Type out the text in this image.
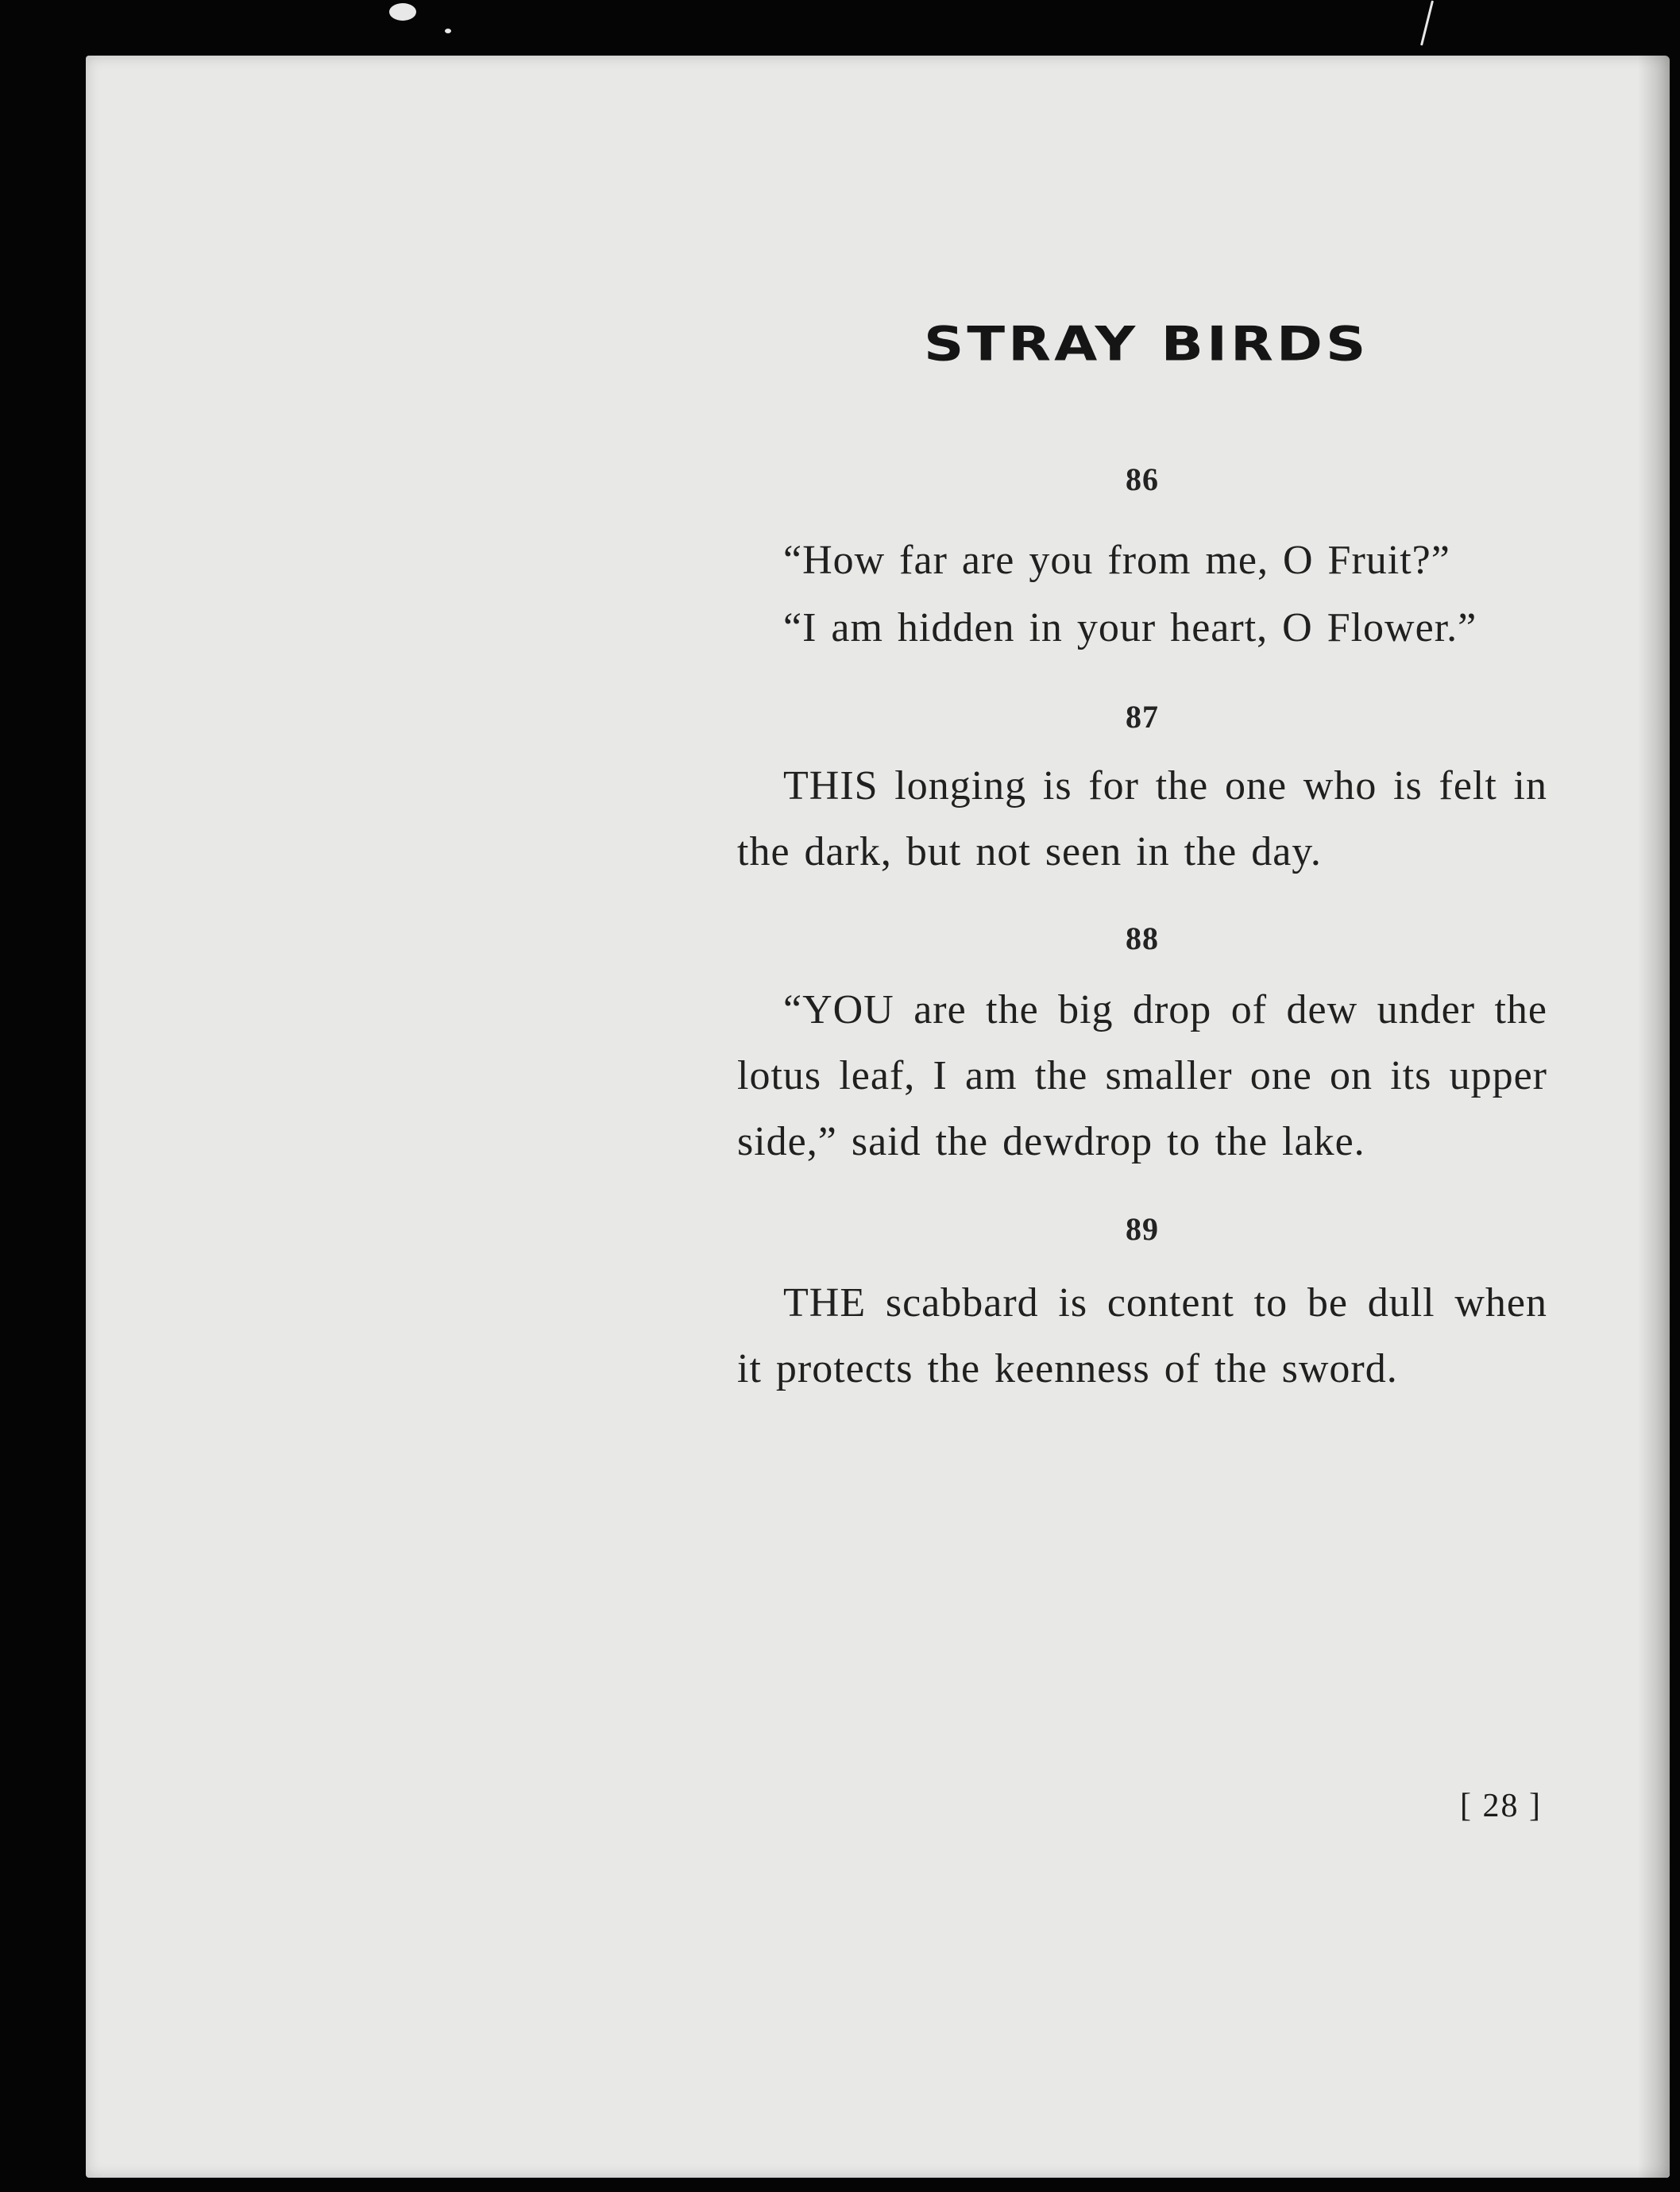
STRAY BIRDS

86

“How far are you from me, O Fruit?”

“I am hidden in your heart, O Flower.”

87

THIS longing is for the one who is felt in the dark, but not seen in the day.

88

“YOU are the big drop of dew under the lotus leaf, I am the smaller one on its upper side,” said the dewdrop to the lake.

89

THE scabbard is content to be dull when it protects the keenness of the sword.

[ 28 ]
